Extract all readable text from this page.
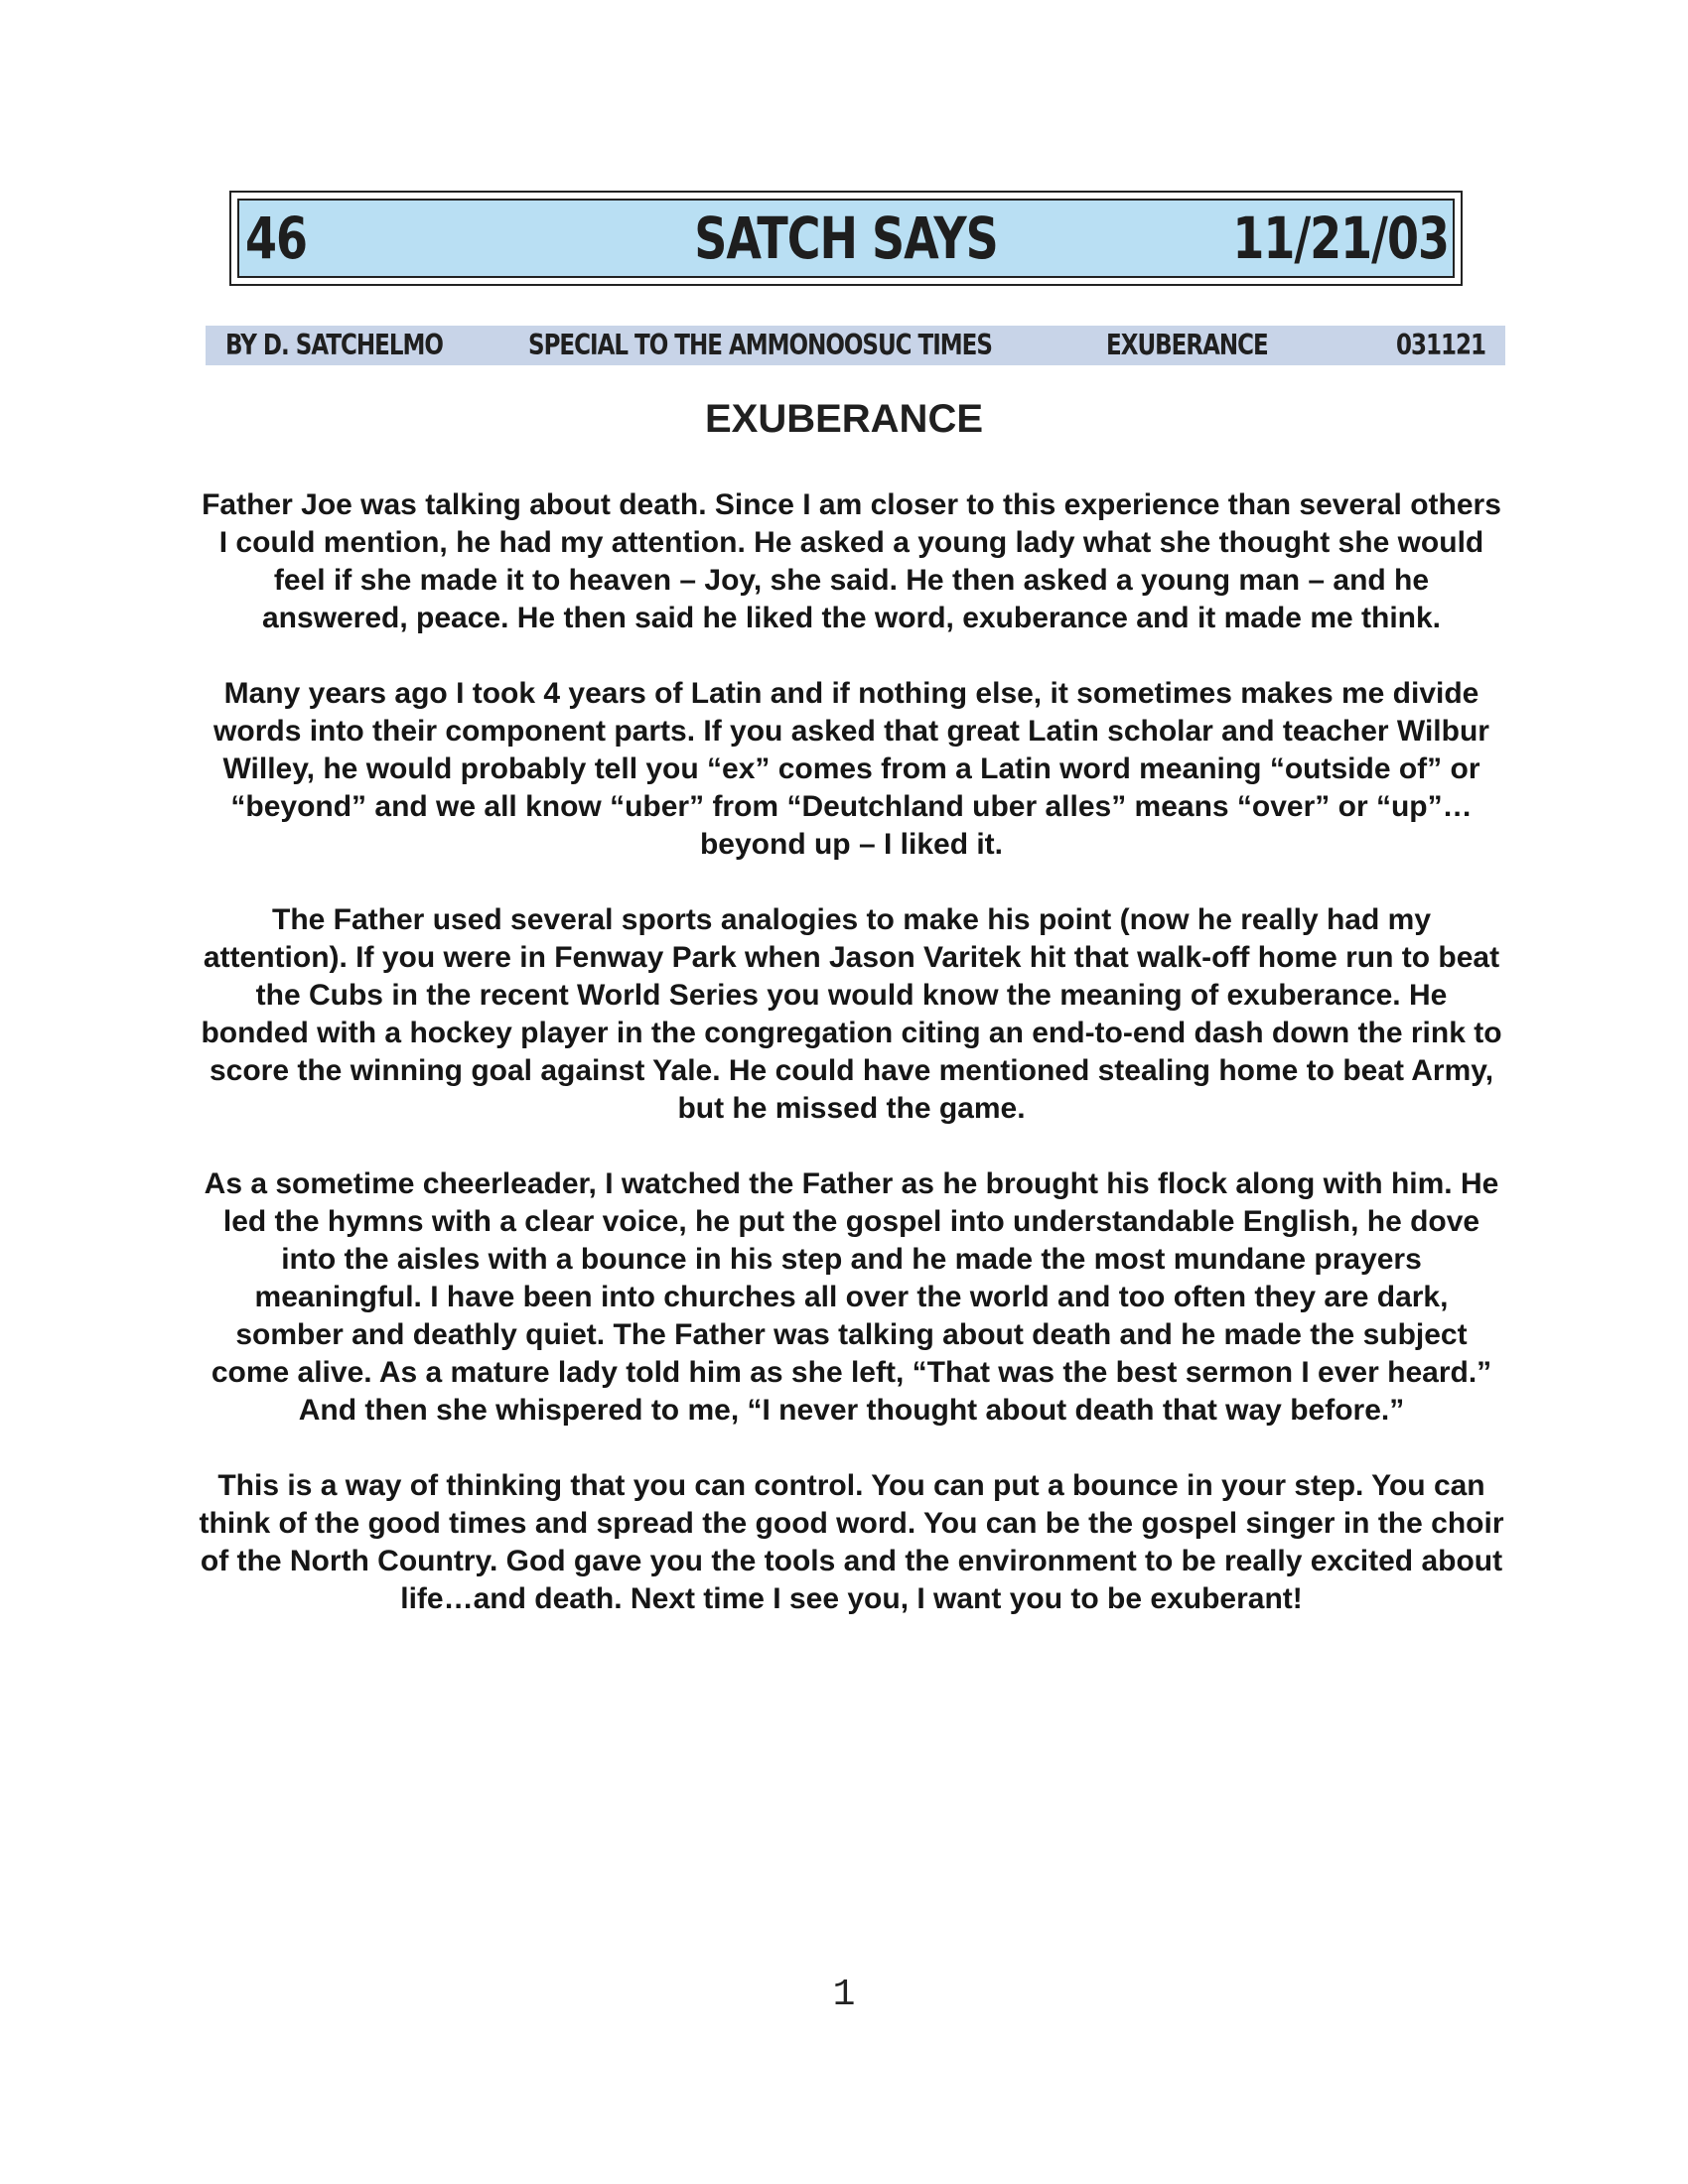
46	SATCH SAYS	11/21/03
BY D. SATCHELMO	SPECIAL TO THE AMMONOOSUC TIMES	EXUBERANCE	031121
EXUBERANCE

Father Joe was talking about death. Since I am closer to this experience than several others I could mention, he had my attention. He asked a young lady what she thought she would feel if she made it to heaven – Joy, she said. He then asked a young man – and he answered, peace. He then said he liked the word, exuberance and it made me think.

Many years ago I took 4 years of Latin and if nothing else, it sometimes makes me divide words into their component parts. If you asked that great Latin scholar and teacher Wilbur Willey, he would probably tell you “ex” comes from a Latin word meaning “outside of” or “beyond” and we all know “uber” from “Deutchland uber alles” means “over” or “up”…beyond up – I liked it.

The Father used several sports analogies to make his point (now he really had my attention). If you were in Fenway Park when Jason Varitek hit that walk-off home run to beat the Cubs in the recent World Series you would know the meaning of exuberance. He bonded with a hockey player in the congregation citing an end-to-end dash down the rink to score the winning goal against Yale. He could have mentioned stealing home to beat Army, but he missed the game.

As a sometime cheerleader, I watched the Father as he brought his flock along with him. He led the hymns with a clear voice, he put the gospel into understandable English, he dove into the aisles with a bounce in his step and he made the most mundane prayers meaningful. I have been into churches all over the world and too often they are dark, somber and deathly quiet. The Father was talking about death and he made the subject come alive. As a mature lady told him as she left, “That was the best sermon I ever heard.” And then she whispered to me, “I never thought about death that way before.”

This is a way of thinking that you can control. You can put a bounce in your step. You can think of the good times and spread the good word. You can be the gospel singer in the choir of the North Country. God gave you the tools and the environment to be really excited about life…and death. Next time I see you, I want you to be exuberant!

1
